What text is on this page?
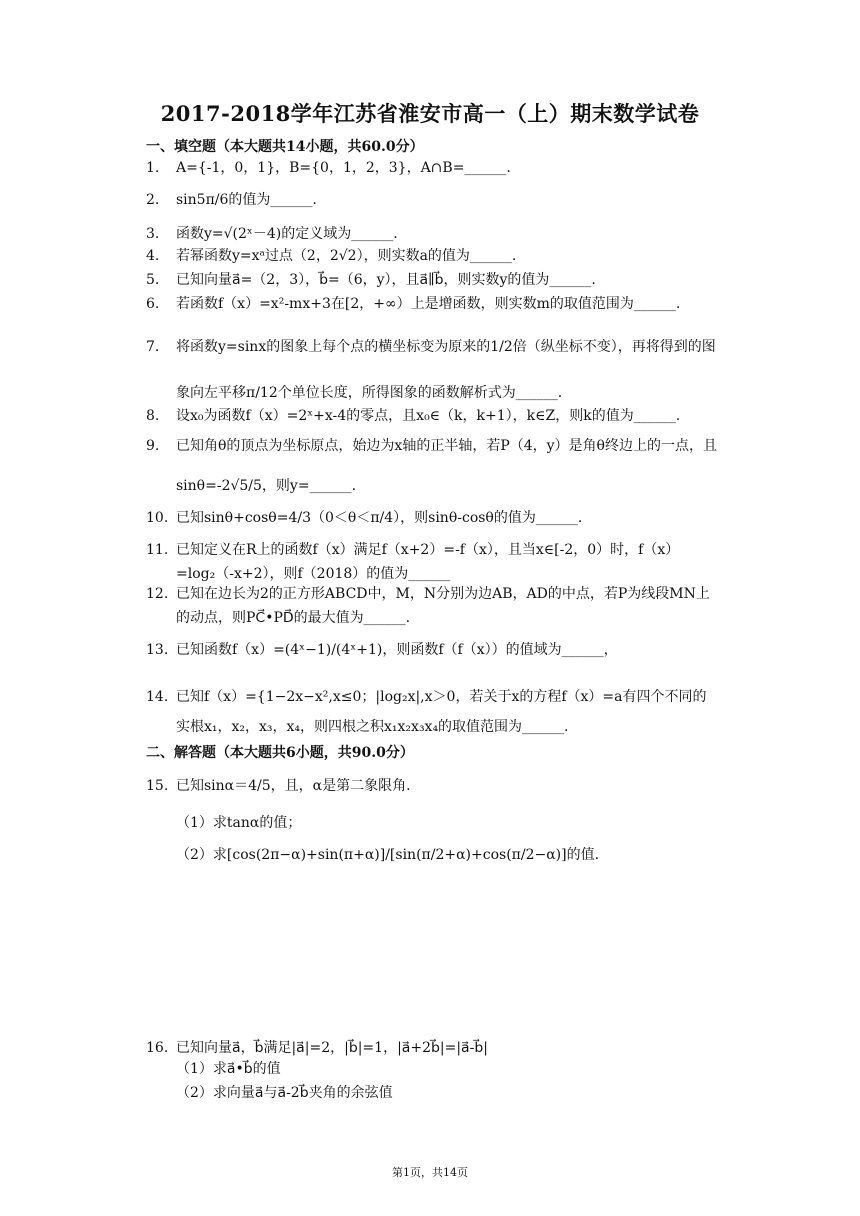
2017-2018学年江苏省淮安市高一（上）期末数学试卷
一、填空题（本大题共14小题，共60.0分）
1. A={-1，0，1}，B={0，1，2，3}，A∩B=______.
2. sin5π/6的值为______.
3. 函数y=√(2ˣ－4)的定义域为______.
4. 若幂函数y=xᵃ过点（2，2√2），则实数a的值为______.
5. 已知向量a⃗=（2，3），b⃗=（6，y），且a⃗∥b⃗，则实数y的值为______.
6. 若函数f（x）=x²-mx+3在[2，+∞）上是增函数，则实数m的取值范围为______.
7. 将函数y=sinx的图象上每个点的横坐标变为原来的1/2倍（纵坐标不变），再将得到的图象向左平移π/12个单位长度，所得图象的函数解析式为______.
8. 设x₀为函数f（x）=2ˣ+x-4的零点，且x₀∈（k，k+1），k∈Z，则k的值为______.
9. 已知角θ的顶点为坐标原点，始边为x轴的正半轴，若P（4，y）是角θ终边上的一点，且sinθ=-2√5/5，则y=______.
10. 已知sinθ+cosθ=4/3（0＜θ＜π/4），则sinθ-cosθ的值为______.
11. 已知定义在R上的函数f（x）满足f（x+2）=-f（x），且当x∈[-2，0）时，f（x）=log₂（-x+2），则f（2018）的值为______
12. 已知在边长为2的正方形ABCD中，M，N分别为边AB，AD的中点，若P为线段MN上的动点，则PC⃗•PD⃗的最大值为______.
13. 已知函数f（x）=(4ˣ−1)/(4ˣ+1)，则函数f（f（x））的值域为______，
14. 已知f（x）={1−2x−x²,x≤0；|log₂x|,x＞0，若关于x的方程f（x）=a有四个不同的实根x₁，x₂，x₃，x₄，则四根之积x₁x₂x₃x₄的取值范围为______.
二、解答题（本大题共6小题，共90.0分）
15. 已知sinα＝4/5，且，α是第二象限角.
（1）求tanα的值；
（2）求[cos(2π−α)+sin(π+α)]/[sin(π/2+α)+cos(π/2−α)]的值.
16. 已知向量a⃗，b⃗满足|a⃗|=2，|b⃗|=1，|a⃗+2b⃗|=|a⃗-b⃗|
（1）求a⃗•b⃗的值
（2）求向量a⃗与a⃗-2b⃗夹角的余弦值
第1页，共14页
